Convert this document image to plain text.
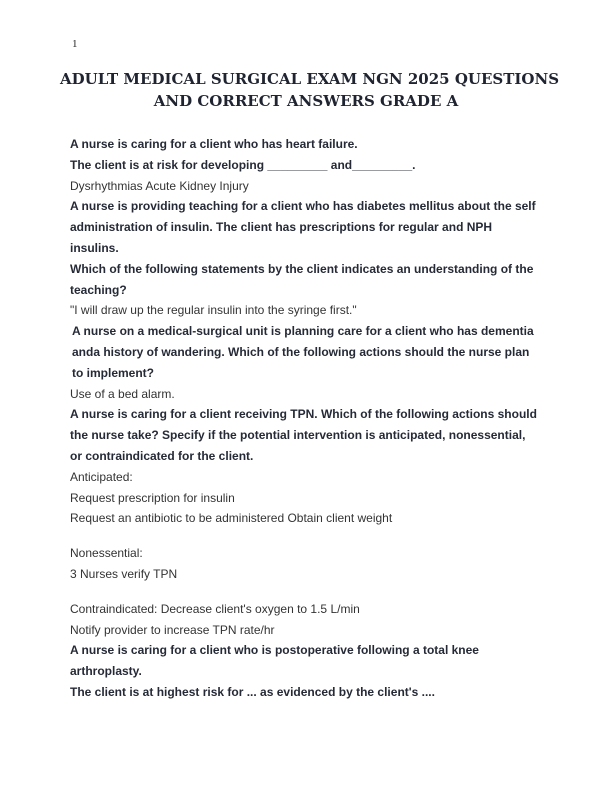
1
ADULT MEDICAL SURGICAL EXAM NGN 2025 QUESTIONS
AND CORRECT ANSWERS GRADE A
A nurse is caring for a client who has heart failure.
The client is at risk for developing _________ and_________.
Dysrhythmias Acute Kidney Injury
A nurse is providing teaching for a client who has diabetes mellitus about the self
administration of insulin. The client has prescriptions for regular and NPH
insulins.
Which of the following statements by the client indicates an understanding of the
teaching?
"I will draw up the regular insulin into the syringe first."
A nurse on a medical-surgical unit is planning care for a client who has dementia
anda history of wandering. Which of the following actions should the nurse plan
to implement?
Use of a bed alarm.
A nurse is caring for a client receiving TPN. Which of the following actions should
the nurse take? Specify if the potential intervention is anticipated, nonessential,
or contraindicated for the client.
Anticipated:
Request prescription for insulin
Request an antibiotic to be administered Obtain client weight
Nonessential:
3 Nurses verify TPN
Contraindicated: Decrease client's oxygen to 1.5 L/min
Notify provider to increase TPN rate/hr
A nurse is caring for a client who is postoperative following a total knee
arthroplasty.
The client is at highest risk for ... as evidenced by the client's ....
